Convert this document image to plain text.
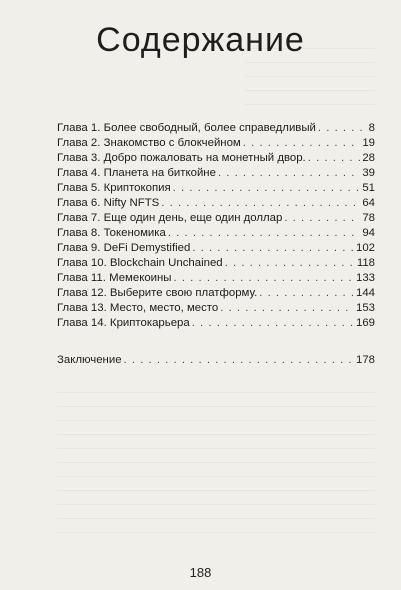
Содержание
Глава 1. Более свободный, более справедливый . . .	8
Глава 2. Знакомство с блокчейном . . .	19
Глава 3. Добро пожаловать на монетный двор. . . .	28
Глава 4. Планета на биткойне . . .	39
Глава 5. Криптокопия . . .	51
Глава 6. Nifty NFTS . . .	64
Глава 7. Еще один день, еще один доллар . . .	78
Глава 8. Токеномика . . .	94
Глава 9. DeFi Demystified . . .	102
Глава 10. Blockchain Unchained . . .	118
Глава 11. Мемекоины . . .	133
Глава 12. Выберите свою платформу. . . .	144
Глава 13. Место, место, место . . .	153
Глава 14. Криптокарьера . . .	169
Заключение . . .	178
188
